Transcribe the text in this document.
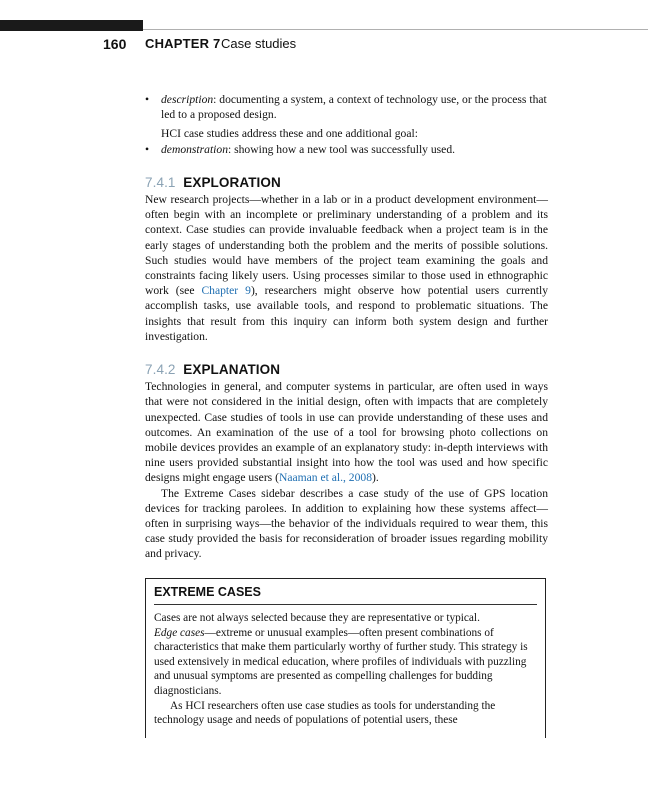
160 CHAPTER 7 Case studies
• description: documenting a system, a context of technology use, or the process that led to a proposed design.
HCI case studies address these and one additional goal:
• demonstration: showing how a new tool was successfully used.
7.4.1 EXPLORATION

New research projects—whether in a lab or in a product development environment—often begin with an incomplete or preliminary understanding of a problem and its context. Case studies can provide invaluable feedback when a project team is in the early stages of understanding both the problem and the merits of possible solutions. Such studies would have members of the project team examining the goals and constraints facing likely users. Using processes similar to those used in ethnographic work (see Chapter 9), researchers might observe how potential users currently accomplish tasks, use available tools, and respond to problematic situations. The insights that result from this inquiry can inform both system design and further investigation.

7.4.2 EXPLANATION

Technologies in general, and computer systems in particular, are often used in ways that were not considered in the initial design, often with impacts that are completely unexpected. Case studies of tools in use can provide understanding of these uses and outcomes. An examination of the use of a tool for browsing photo collections on mobile devices provides an example of an explanatory study: in-depth interviews with nine users provided substantial insight into how the tool was used and how specific designs might engage users (Naaman et al., 2008).

The Extreme Cases sidebar describes a case study of the use of GPS location devices for tracking parolees. In addition to explaining how these systems affect—often in surprising ways—the behavior of the individuals required to wear them, this case study provided the basis for reconsideration of broader issues regarding mobility and privacy.

EXTREME CASES

Cases are not always selected because they are representative or typical.

Edge cases—extreme or unusual examples—often present combinations of characteristics that make them particularly worthy of further study. This strategy is used extensively in medical education, where profiles of individuals with puzzling and unusual symptoms are presented as compelling challenges for budding diagnosticians.

As HCI researchers often use case studies as tools for understanding the technology usage and needs of populations of potential users, these
